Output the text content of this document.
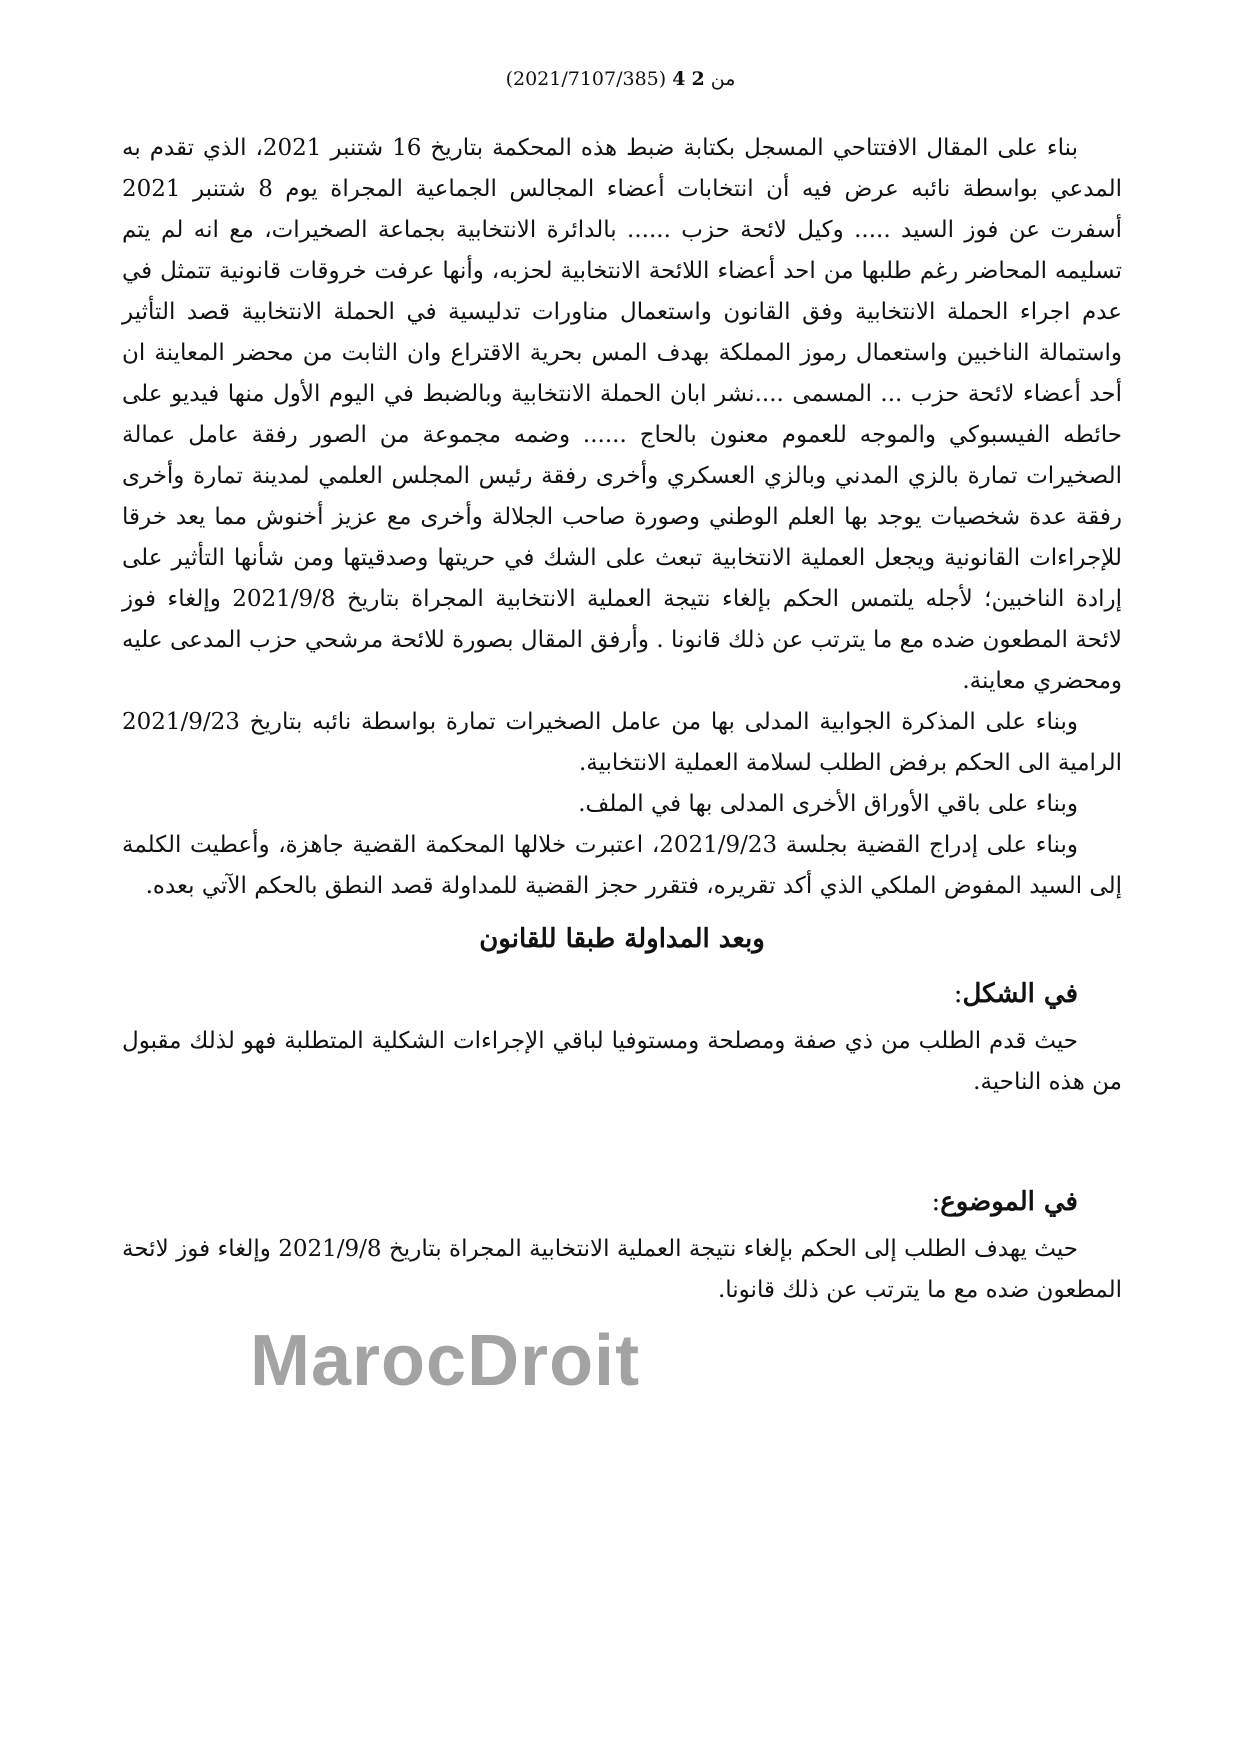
(2021/7107/385) 4 من 2

بناء على المقال الافتتاحي المسجل بكتابة ضبط هذه المحكمة بتاريخ 16 شتنبر 2021، الذي تقدم به المدعي بواسطة نائبه عرض فيه أن انتخابات أعضاء المجالس الجماعية المجراة يوم 8 شتنبر 2021 أسفرت عن فوز السيد ..... وكيل لائحة حزب ...... بالدائرة الانتخابية بجماعة الصخيرات، مع انه لم يتم تسليمه المحاضر رغم طلبها من احد أعضاء اللائحة الانتخابية لحزبه، وأنها عرفت خروقات قانونية تتمثل في عدم اجراء الحملة الانتخابية وفق القانون واستعمال مناورات تدليسية في الحملة الانتخابية قصد التأثير واستمالة الناخبين واستعمال رموز المملكة بهدف المس بحرية الاقتراع وان الثابت من محضر المعاينة ان أحد أعضاء لائحة حزب ... المسمى ....نشر ابان الحملة الانتخابية وبالضبط في اليوم الأول منها فيديو على حائطه الفيسبوكي والموجه للعموم معنون بالحاج ...... وضمه مجموعة من الصور رفقة عامل عمالة الصخيرات تمارة بالزي المدني وبالزي العسكري وأخرى رفقة رئيس المجلس العلمي لمدينة تمارة وأخرى رفقة عدة شخصيات يوجد بها العلم الوطني وصورة صاحب الجلالة وأخرى مع عزيز أخنوش مما يعد خرقا للإجراءات القانونية ويجعل العملية الانتخابية تبعث على الشك في حريتها وصدقيتها ومن شأنها التأثير على إرادة الناخبين؛ لأجله يلتمس الحكم بإلغاء نتيجة العملية الانتخابية المجراة بتاريخ 2021/9/8 وإلغاء فوز لائحة المطعون ضده مع ما يترتب عن ذلك قانونا . وأرفق المقال بصورة للائحة مرشحي حزب المدعى عليه ومحضري معاينة.

وبناء على المذكرة الجوابية المدلى بها من عامل الصخيرات تمارة بواسطة نائبه بتاريخ 2021/9/23 الرامية الى الحكم برفض الطلب لسلامة العملية الانتخابية.

وبناء على باقي الأوراق الأخرى المدلى بها في الملف.

وبناء على إدراج القضية بجلسة 2021/9/23، اعتبرت خلالها المحكمة القضية جاهزة، وأعطيت الكلمة إلى السيد المفوض الملكي الذي أكد تقريره، فتقرر حجز القضية للمداولة قصد النطق بالحكم الآتي بعده.

وبعد المداولة طبقا للقانون
في الشكل:

حيث قدم الطلب من ذي صفة ومصلحة ومستوفيا لباقي الإجراءات الشكلية المتطلبة فهو لذلك مقبول من هذه الناحية.

في الموضوع:

حيث يهدف الطلب إلى الحكم بإلغاء نتيجة العملية الانتخابية المجراة بتاريخ 2021/9/8 وإلغاء فوز لائحة المطعون ضده مع ما يترتب عن ذلك قانونا.

MarocDroit
